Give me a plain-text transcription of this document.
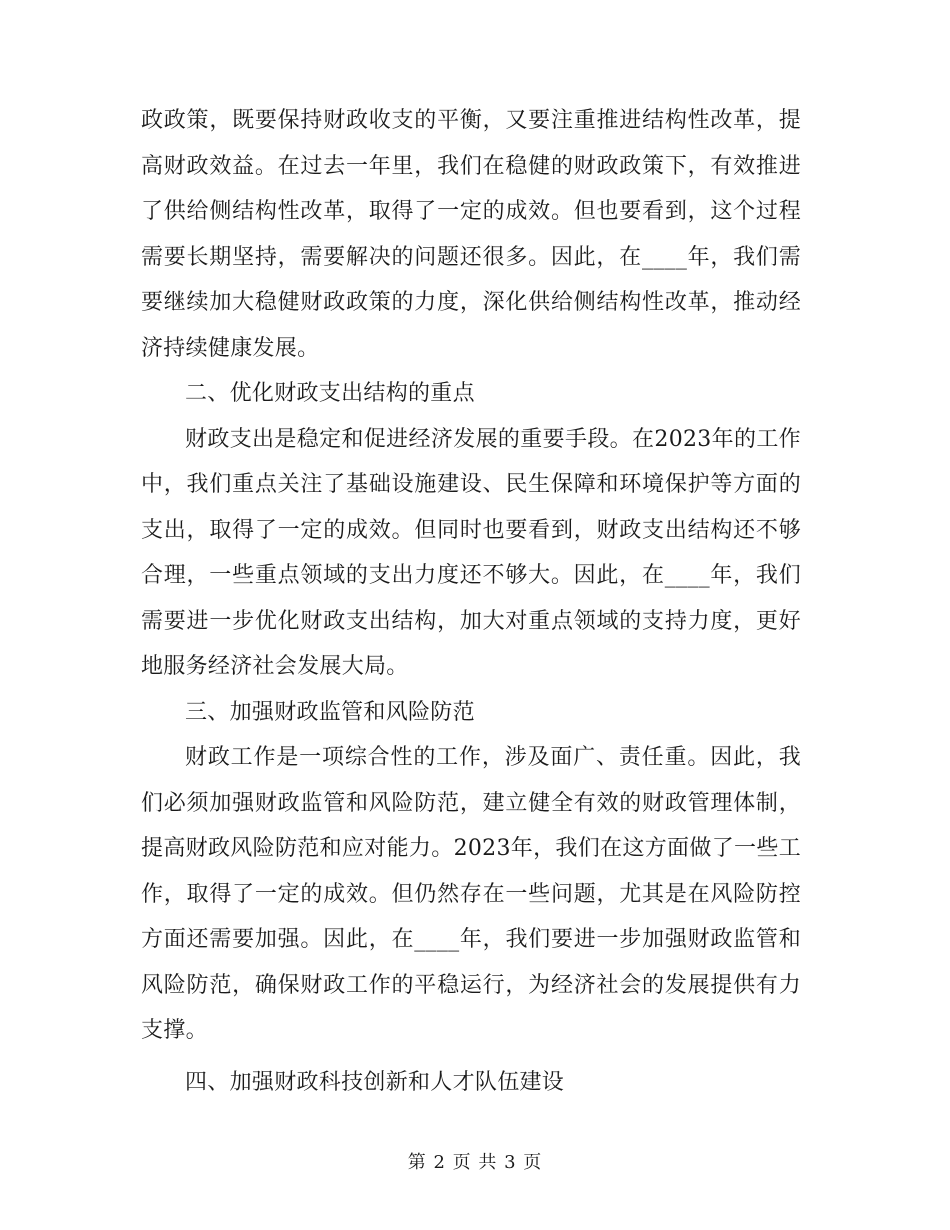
政政策，既要保持财政收支的平衡，又要注重推进结构性改革，提高财政效益。在过去一年里，我们在稳健的财政政策下，有效推进了供给侧结构性改革，取得了一定的成效。但也要看到，这个过程需要长期坚持，需要解决的问题还很多。因此，在____年，我们需要继续加大稳健财政政策的力度，深化供给侧结构性改革，推动经济持续健康发展。

二、优化财政支出结构的重点

财政支出是稳定和促进经济发展的重要手段。在2023年的工作中，我们重点关注了基础设施建设、民生保障和环境保护等方面的支出，取得了一定的成效。但同时也要看到，财政支出结构还不够合理，一些重点领域的支出力度还不够大。因此，在____年，我们需要进一步优化财政支出结构，加大对重点领域的支持力度，更好地服务经济社会发展大局。

三、加强财政监管和风险防范

财政工作是一项综合性的工作，涉及面广、责任重。因此，我们必须加强财政监管和风险防范，建立健全有效的财政管理体制，提高财政风险防范和应对能力。2023年，我们在这方面做了一些工作，取得了一定的成效。但仍然存在一些问题，尤其是在风险防控方面还需要加强。因此，在____年，我们要进一步加强财政监管和风险防范，确保财政工作的平稳运行，为经济社会的发展提供有力支撑。

四、加强财政科技创新和人才队伍建设

第 2 页 共 3 页
